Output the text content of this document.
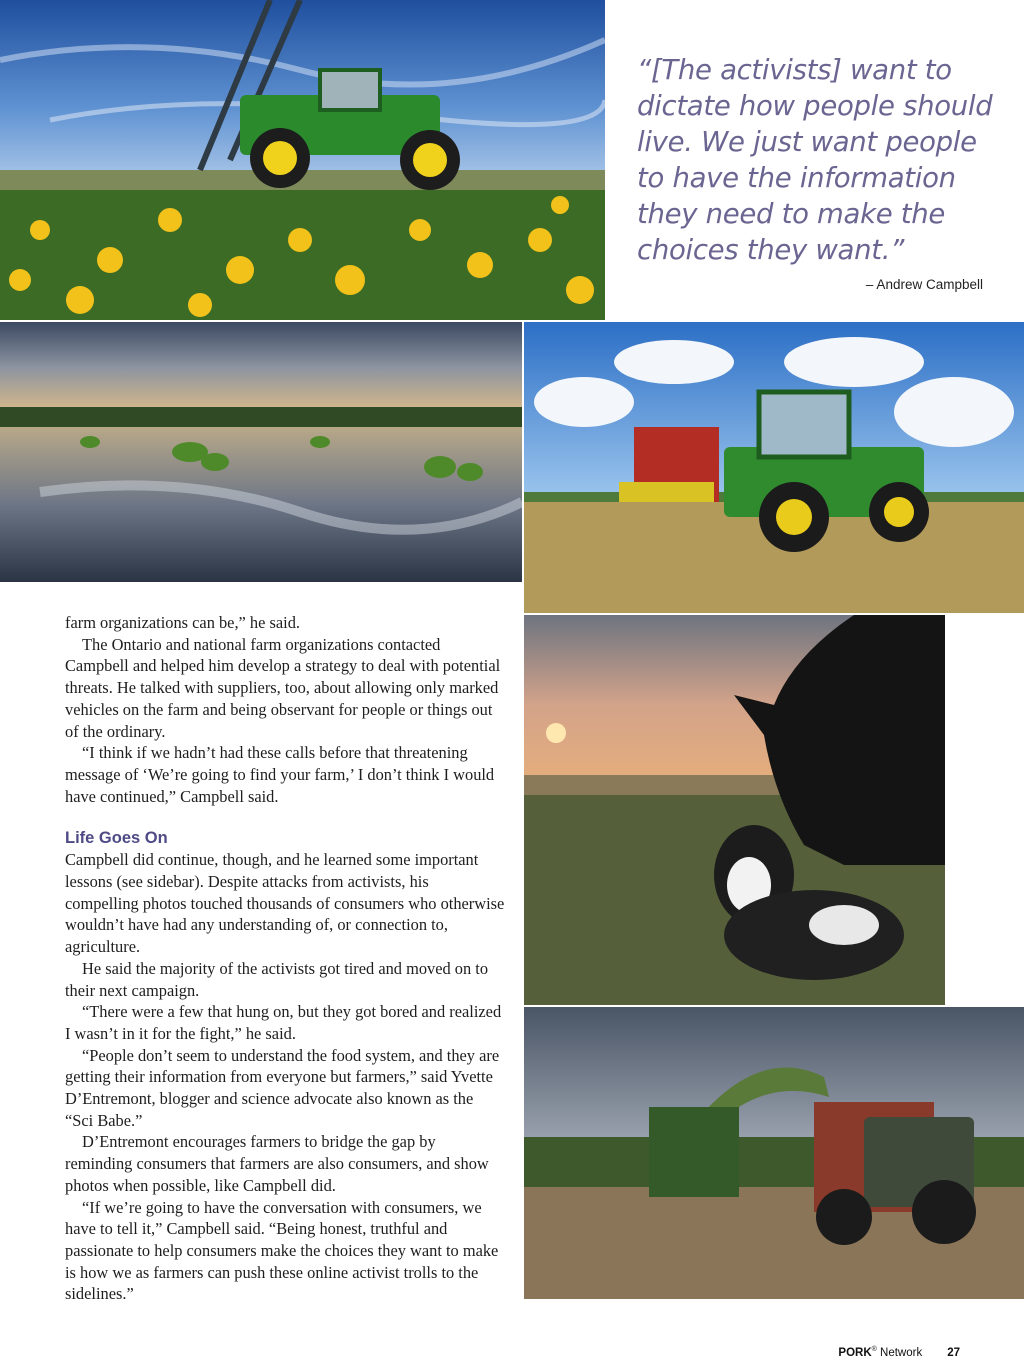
“[The activists] want to dictate how people should live. We just want people to have the information they need to make the choices they want.”

– Andrew Campbell

farm organizations can be,” he said.

The Ontario and national farm organizations contacted Campbell and helped him develop a strategy to deal with potential threats. He talked with suppliers, too, about allowing only marked vehicles on the farm and being observant for people or things out of the ordinary.

“I think if we hadn’t had these calls before that threatening message of ‘We’re going to find your farm,’ I don’t think I would have continued,” Campbell said.

Life Goes On

Campbell did continue, though, and he learned some important lessons (see sidebar). Despite attacks from activists, his compelling photos touched thousands of consumers who otherwise wouldn’t have had any understanding of, or connection to, agriculture.

He said the majority of the activists got tired and moved on to their next campaign.

“There were a few that hung on, but they got bored and realized I wasn’t in it for the fight,” he said.

“People don’t seem to understand the food system, and they are getting their information from everyone but farmers,” said Yvette D’Entremont, blogger and science advocate also known as the “Sci Babe.”

D’Entremont encourages farmers to bridge the gap by reminding consumers that farmers are also consumers, and show photos when possible, like Campbell did.

“If we’re going to have the conversation with consumers, we have to tell it,” Campbell said. “Being honest, truthful and passionate to help consumers make the choices they want to make is how we as farmers can push these online activist trolls to the sidelines.”

PORK® Network 27
